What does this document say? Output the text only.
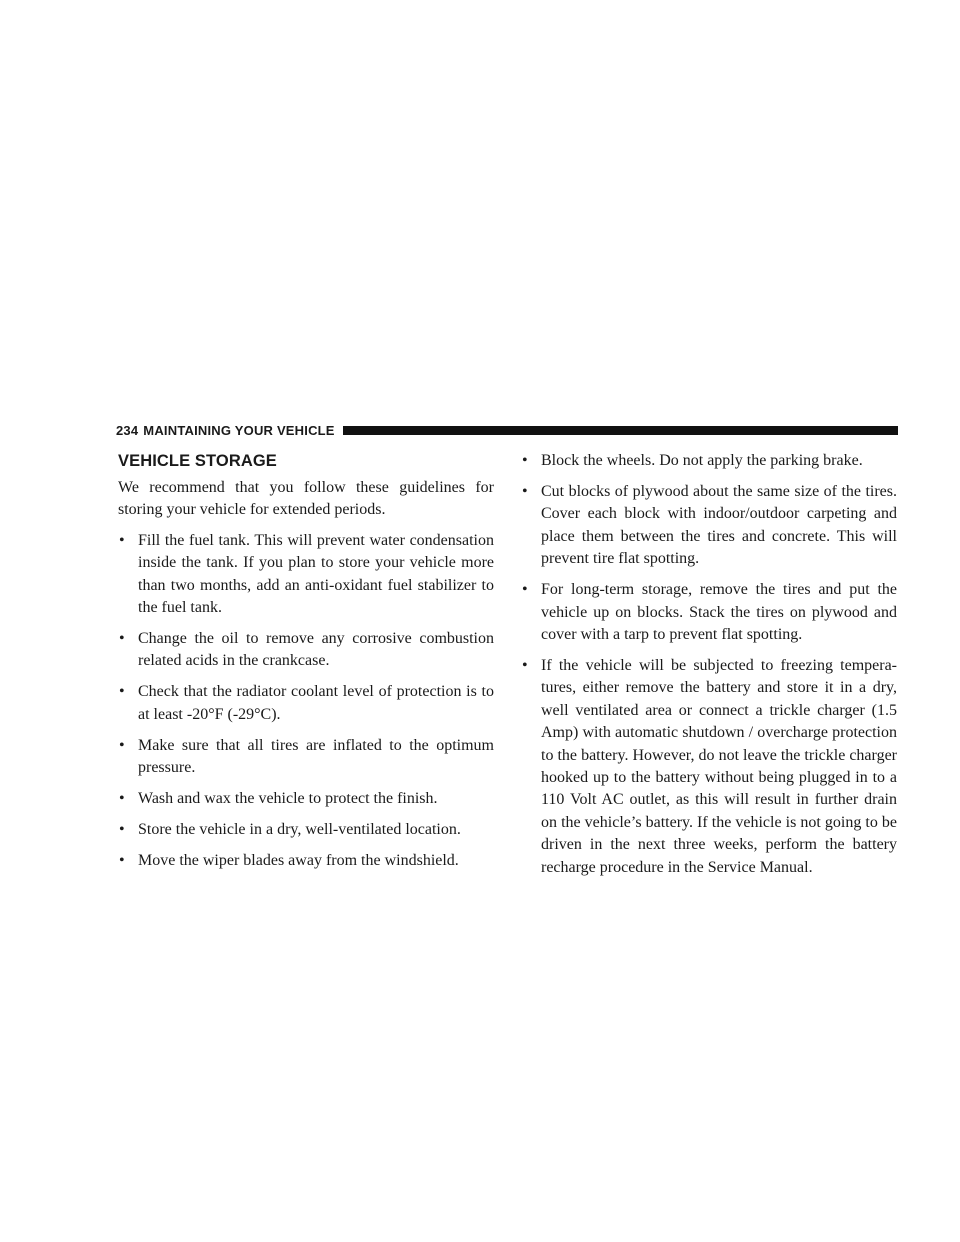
234 MAINTAINING YOUR VEHICLE
VEHICLE STORAGE

We recommend that you follow these guidelines for storing your vehicle for extended periods.

• Fill the fuel tank. This will prevent water condensation inside the tank. If you plan to store your vehicle more than two months, add an anti-oxidant fuel stabilizer to the fuel tank.
• Change the oil to remove any corrosive combustion related acids in the crankcase.
• Check that the radiator coolant level of protection is to at least -20°F (-29°C).
• Make sure that all tires are inflated to the optimum pressure.
• Wash and wax the vehicle to protect the finish.
• Store the vehicle in a dry, well-ventilated location.
• Move the wiper blades away from the windshield.
• Block the wheels. Do not apply the parking brake.
• Cut blocks of plywood about the same size of the tires. Cover each block with indoor/outdoor carpeting and place them between the tires and concrete. This will prevent tire flat spotting.
• For long-term storage, remove the tires and put the vehicle up on blocks. Stack the tires on plywood and cover with a tarp to prevent flat spotting.
• If the vehicle will be subjected to freezing tempera- tures, either remove the battery and store it in a dry, well ventilated area or connect a trickle charger (1.5 Amp) with automatic shutdown / overcharge protection to the battery. However, do not leave the trickle charger hooked up to the battery without being plugged in to a 110 Volt AC outlet, as this will result in further drain on the vehicle’s battery. If the vehicle is not going to be driven in the next three weeks, perform the battery recharge procedure in the Service Manual.
